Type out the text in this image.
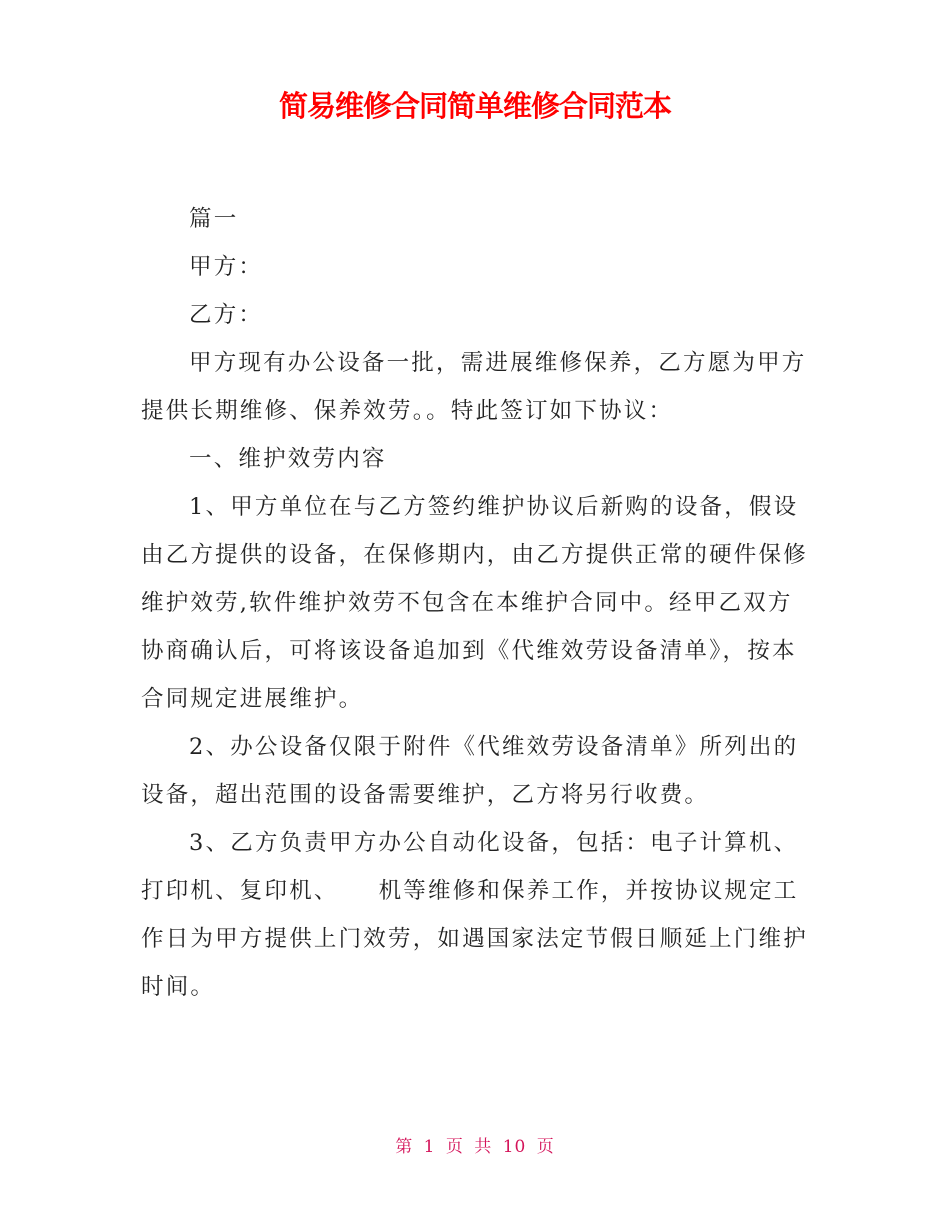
简易维修合同简单维修合同范本

篇一

甲方：

乙方：

甲方现有办公设备一批，需进展维修保养，乙方愿为甲方提供长期维修、保养效劳。。特此签订如下协议：

一、维护效劳内容

1、甲方单位在与乙方签约维护协议后新购的设备，假设由乙方提供的设备，在保修期内，由乙方提供正常的硬件保修维护效劳,软件维护效劳不包含在本维护合同中。经甲乙双方协商确认后，可将该设备追加到《代维效劳设备清单》，按本合同规定进展维护。

2、办公设备仅限于附件《代维效劳设备清单》所列出的设备，超出范围的设备需要维护，乙方将另行收费。

3、乙方负责甲方办公自动化设备，包括：电子计算机、打印机、复印机、 机等维修和保养工作，并按协议规定工作日为甲方提供上门效劳，如遇国家法定节假日顺延上门维护时间。

第 1 页 共 10 页
